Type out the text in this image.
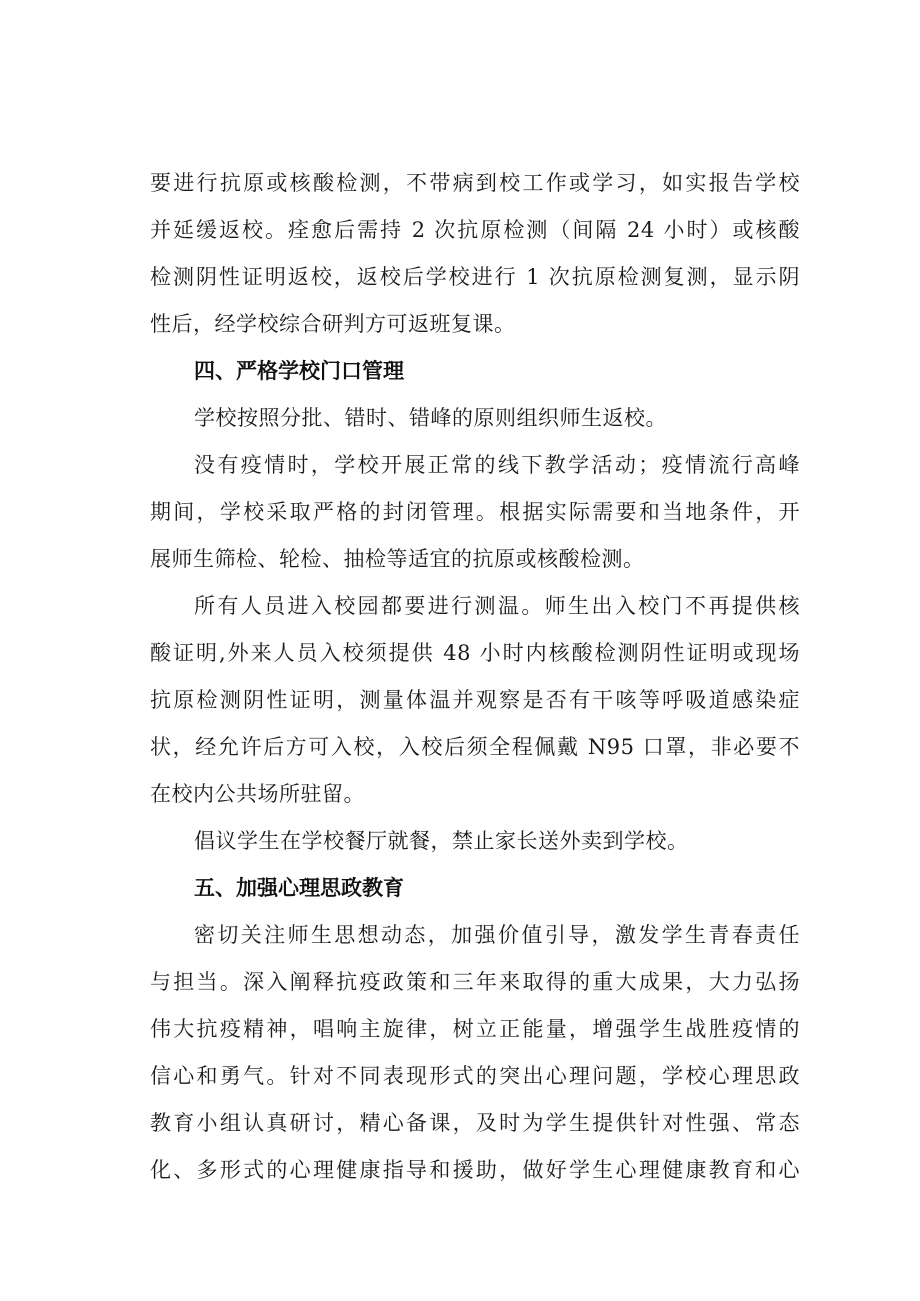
要进行抗原或核酸检测，不带病到校工作或学习，如实报告学校
并延缓返校。痊愈后需持 2 次抗原检测（间隔 24 小时）或核酸
检测阴性证明返校，返校后学校进行 1 次抗原检测复测，显示阴
性后，经学校综合研判方可返班复课。
四、严格学校门口管理
学校按照分批、错时、错峰的原则组织师生返校。
没有疫情时，学校开展正常的线下教学活动；疫情流行高峰
期间，学校采取严格的封闭管理。根据实际需要和当地条件，开
展师生筛检、轮检、抽检等适宜的抗原或核酸检测。
所有人员进入校园都要进行测温。师生出入校门不再提供核
酸证明,外来人员入校须提供 48 小时内核酸检测阴性证明或现场
抗原检测阴性证明，测量体温并观察是否有干咳等呼吸道感染症
状，经允许后方可入校，入校后须全程佩戴 N95 口罩，非必要不
在校内公共场所驻留。
倡议学生在学校餐厅就餐，禁止家长送外卖到学校。
五、加强心理思政教育
密切关注师生思想动态，加强价值引导，激发学生青春责任
与担当。深入阐释抗疫政策和三年来取得的重大成果，大力弘扬
伟大抗疫精神，唱响主旋律，树立正能量，增强学生战胜疫情的
信心和勇气。针对不同表现形式的突出心理问题，学校心理思政
教育小组认真研讨，精心备课，及时为学生提供针对性强、常态
化、多形式的心理健康指导和援助，做好学生心理健康教育和心
